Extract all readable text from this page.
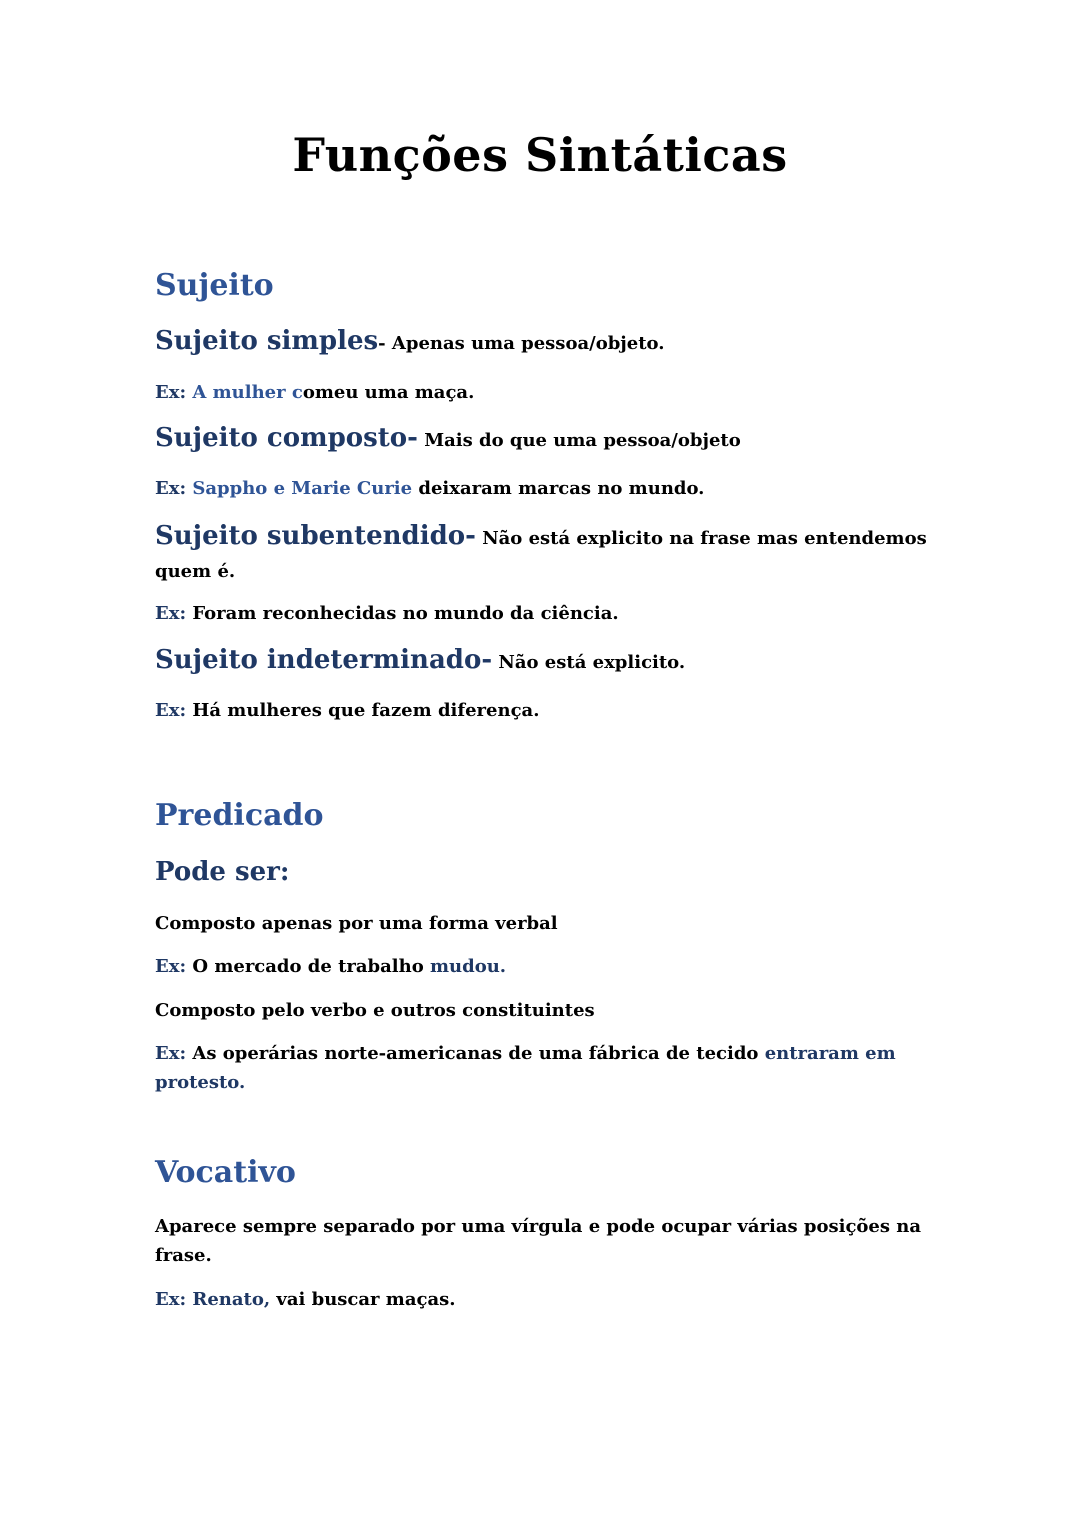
Funções Sintáticas
Sujeito
Sujeito simples- Apenas uma pessoa/objeto.
Ex: A mulher comeu uma maça.
Sujeito composto- Mais do que uma pessoa/objeto
Ex: Sappho e Marie Curie deixaram marcas no mundo.
Sujeito subentendido- Não está explicito na frase mas entendemos quem é.
Ex: Foram reconhecidas no mundo da ciência.
Sujeito indeterminado- Não está explicito.
Ex: Há mulheres que fazem diferença.
Predicado
Pode ser:
Composto apenas por uma forma verbal
Ex: O mercado de trabalho mudou.
Composto pelo verbo e outros constituintes
Ex: As operárias norte-americanas de uma fábrica de tecido entraram em protesto.
Vocativo
Aparece sempre separado por uma vírgula e pode ocupar várias posições na frase.
Ex: Renato, vai buscar maças.
